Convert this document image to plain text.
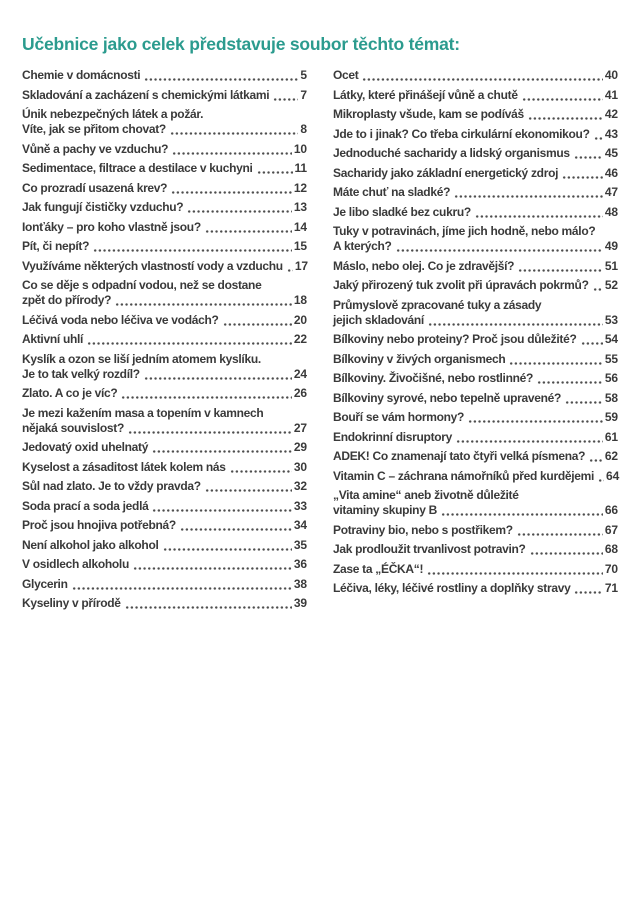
Učebnice jako celek představuje soubor těchto témat:
Chemie v domácnosti	5
Skladování a zacházení s chemickými látkami	7
Únik nebezpečných látek a požár.
Víte, jak se přitom chovat?	8
Vůně a pachy ve vzduchu?	10
Sedimentace, filtrace a destilace v kuchyni	11
Co prozradí usazená krev?	12
Jak fungují čističky vzduchu?	13
Ionťáky – pro koho vlastně jsou?	14
Pít, či nepít?	15
Využíváme některých vlastností vody a vzduchu 17
Co se děje s odpadní vodou, než se dostane
zpět do přírody?	18
Léčivá voda nebo léčiva ve vodách?	20
Aktivní uhlí	22
Kyslík a ozon se liší jedním atomem kyslíku.
Je to tak velký rozdíl?	24
Zlato. A co je víc?	26
Je mezi kažením masa a topením v kamnech
nějaká souvislost?	27
Jedovatý oxid uhelnatý	29
Kyselost a zásaditost látek kolem nás	30
Sůl nad zlato. Je to vždy pravda?	32
Soda prací a soda jedlá	33
Proč jsou hnojiva potřebná?	34
Není alkohol jako alkohol	35
V osidlech alkoholu	36
Glycerin	38
Kyseliny v přírodě	39
Ocet	40
Látky, které přinášejí vůně a chutě	41
Mikroplasty všude, kam se podíváš	42
Jde to i jinak? Co třeba cirkulární ekonomikou? 43
Jednoduché sacharidy a lidský organismus	45
Sacharidy jako základní energetický zdroj	46
Máte chuť na sladké?	47
Je libo sladké bez cukru?	48
Tuky v potravinách, jíme jich hodně, nebo málo?
A kterých?	49
Máslo, nebo olej. Co je zdravější?	51
Jaký přirozený tuk zvolit při úpravách pokrmů? 52
Průmyslově zpracované tuky a zásady
jejich skladování	53
Bílkoviny nebo proteiny? Proč jsou důležité? 54
Bílkoviny v živých organismech	55
Bílkoviny. Živočišné, nebo rostlinné?	56
Bílkoviny syrové, nebo tepelně upravené?	58
Bouří se vám hormony?	59
Endokrinní disruptory	61
ADEK! Co znamenají tato čtyři velká písmena? 62
Vitamin C – záchrana námořníků před kurdějemi 64
„Vita amine“ aneb životně důležité
vitaminy skupiny B	66
Potraviny bio, nebo s postřikem?	67
Jak prodloužit trvanlivost potravin?	68
Zase ta „ÉČKA“!	70
Léčiva, léky, léčivé rostliny a doplňky stravy	71
